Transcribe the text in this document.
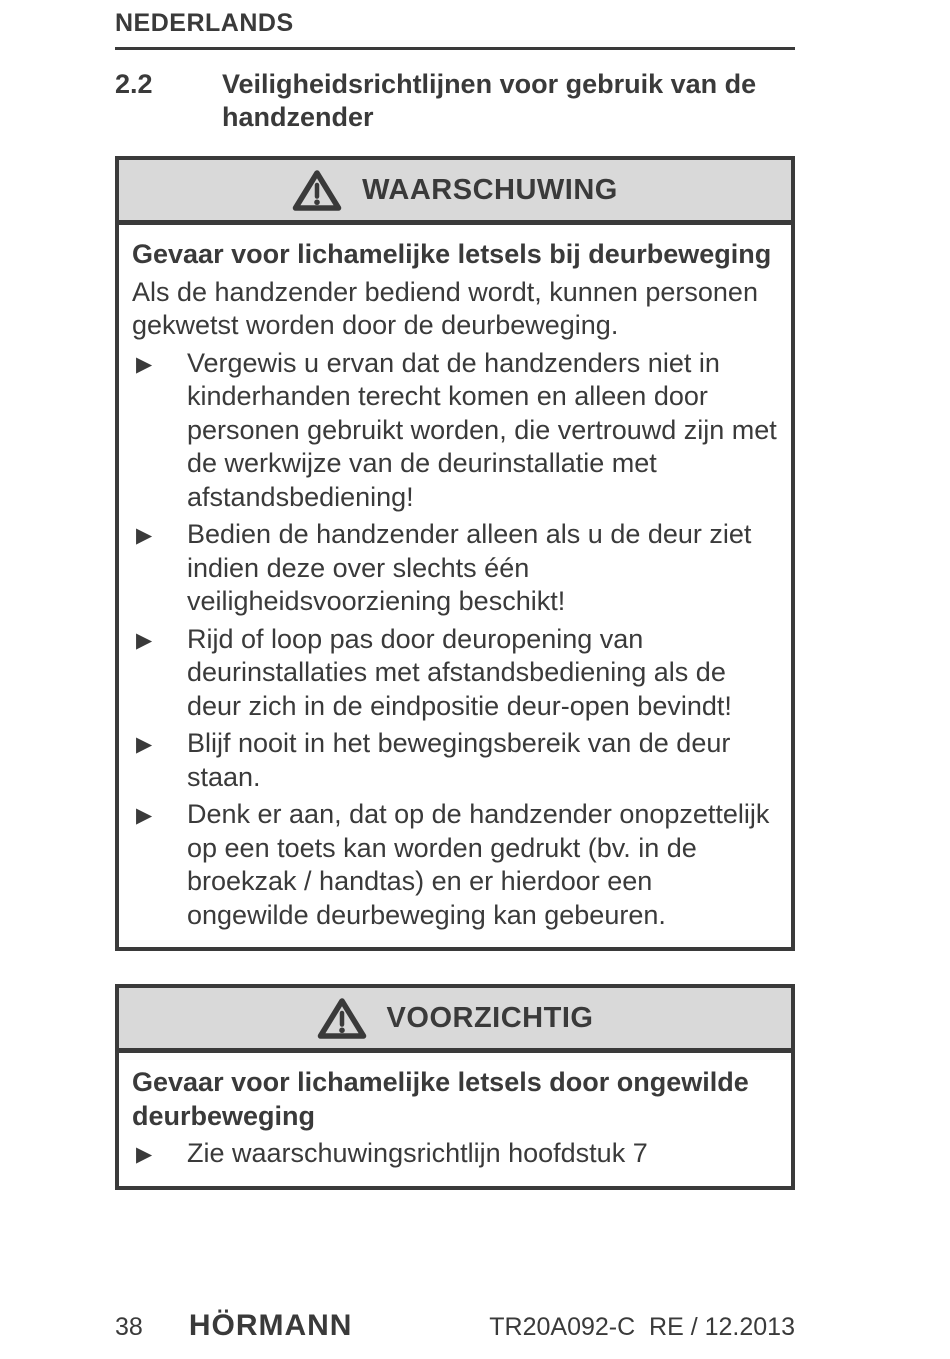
NEDERLANDS
2.2	Veiligheidsrichtlijnen voor gebruik van de handzender
WAARSCHUWING
Gevaar voor lichamelijke letsels bij deurbeweging
Als de handzender bediend wordt, kunnen personen gekwetst worden door de deurbeweging.
▶ Vergewis u ervan dat de handzenders niet in kinderhanden terecht komen en alleen door personen gebruikt worden, die vertrouwd zijn met de werkwijze van de deurinstallatie met afstandsbediening!
▶ Bedien de handzender alleen als u de deur ziet indien deze over slechts één veiligheidsvoorziening beschikt!
▶ Rijd of loop pas door deuropening van deurinstallaties met afstandsbediening als de deur zich in de eindpositie deur-open bevindt!
▶ Blijf nooit in het bewegingsbereik van de deur staan.
▶ Denk er aan, dat op de handzender onopzettelijk op een toets kan worden gedrukt (bv. in de broekzak / handtas) en er hierdoor een ongewilde deurbeweging kan gebeuren.
VOORZICHTIG
Gevaar voor lichamelijke letsels door ongewilde deurbeweging
▶ Zie waarschuwingsrichtlijn hoofdstuk 7
38 HÖRMANN	TR20A092-C  RE / 12.2013
